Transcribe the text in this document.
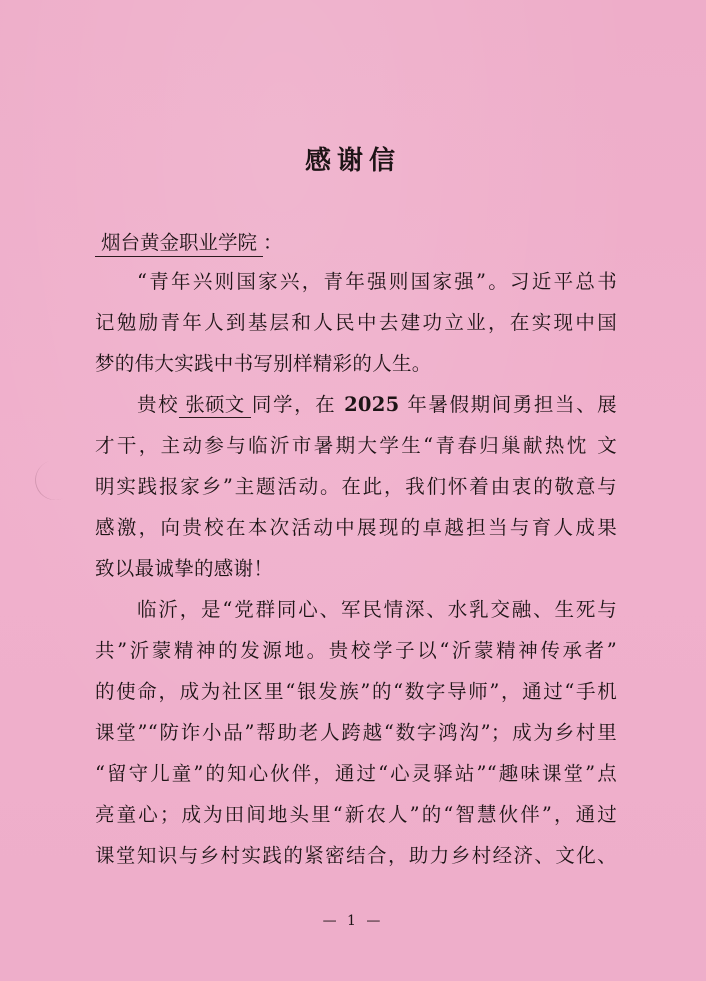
感谢信
烟台黄金职业学院 ：
“青年兴则国家兴，青年强则国家强”。习近平总书
记勉励青年人到基层和人民中去建功立业，在实现中国
梦的伟大实践中书写别样精彩的人生。
贵校 张硕文 同学，在 2025 年暑假期间勇担当、展
才干，主动参与临沂市暑期大学生“青春归巢献热忱 文
明实践报家乡”主题活动。在此，我们怀着由衷的敬意与
感激，向贵校在本次活动中展现的卓越担当与育人成果
致以最诚挚的感谢！
临沂，是“党群同心、军民情深、水乳交融、生死与
共”沂蒙精神的发源地。贵校学子以“沂蒙精神传承者”
的使命，成为社区里“银发族”的“数字导师”，通过“手机
课堂”“防诈小品”帮助老人跨越“数字鸿沟”；成为乡村里
“留守儿童”的知心伙伴，通过“心灵驿站”“趣味课堂”点
亮童心；成为田间地头里“新农人”的“智慧伙伴”，通过
课堂知识与乡村实践的紧密结合，助力乡村经济、文化、
— 1 —
